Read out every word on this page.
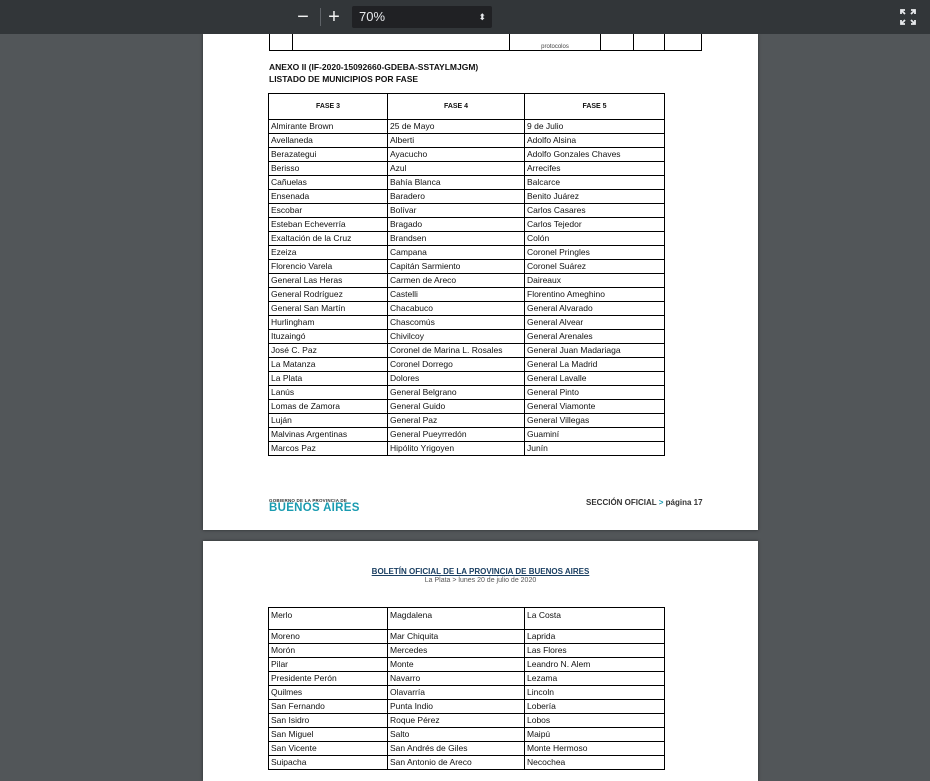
− +	70%	⬍
		protocolos			
ANEXO II (IF-2020-15092660-GDEBA-SSTAYLMJGM)
LISTADO DE MUNICIPIOS POR FASE
FASE 3	FASE 4	FASE 5
Almirante Brown	25 de Mayo	9 de Julio
Avellaneda	Alberti	Adolfo Alsina
Berazategui	Ayacucho	Adolfo Gonzales Chaves
Berisso	Azul	Arrecifes
Cañuelas	Bahía Blanca	Balcarce
Ensenada	Baradero	Benito Juárez
Escobar	Bolívar	Carlos Casares
Esteban Echeverría	Bragado	Carlos Tejedor
Exaltación de la Cruz	Brandsen	Colón
Ezeiza	Campana	Coronel Pringles
Florencio Varela	Capitán Sarmiento	Coronel Suárez
General Las Heras	Carmen de Areco	Daireaux
General Rodríguez	Castelli	Florentino Ameghino
General San Martín	Chacabuco	General Alvarado
Hurlingham	Chascomús	General Alvear
Ituzaingó	Chivilcoy	General Arenales
José C. Paz	Coronel de Marina L. Rosales	General Juan Madariaga
La Matanza	Coronel Dorrego	General La Madrid
La Plata	Dolores	General Lavalle
Lanús	General Belgrano	General Pinto
Lomas de Zamora	General Guido	General Viamonte
Luján	General Paz	General Villegas
Malvinas Argentinas	General Pueyrredón	Guaminí
Marcos Paz	Hipólito Yrigoyen	Junín
GOBIERNO DE LA PROVINCIA DE
BUENOS AIRES	SECCIÓN OFICIAL > página 17
BOLETÍN OFICIAL DE LA PROVINCIA DE BUENOS AIRES
La Plata > lunes 20 de julio de 2020
Merlo	Magdalena	La Costa
Moreno	Mar Chiquita	Laprida
Morón	Mercedes	Las Flores
Pilar	Monte	Leandro N. Alem
Presidente Perón	Navarro	Lezama
Quilmes	Olavarría	Lincoln
San Fernando	Punta Indio	Lobería
San Isidro	Roque Pérez	Lobos
San Miguel	Salto	Maipú
San Vicente	San Andrés de Giles	Monte Hermoso
Suipacha	San Antonio de Areco	Necochea
